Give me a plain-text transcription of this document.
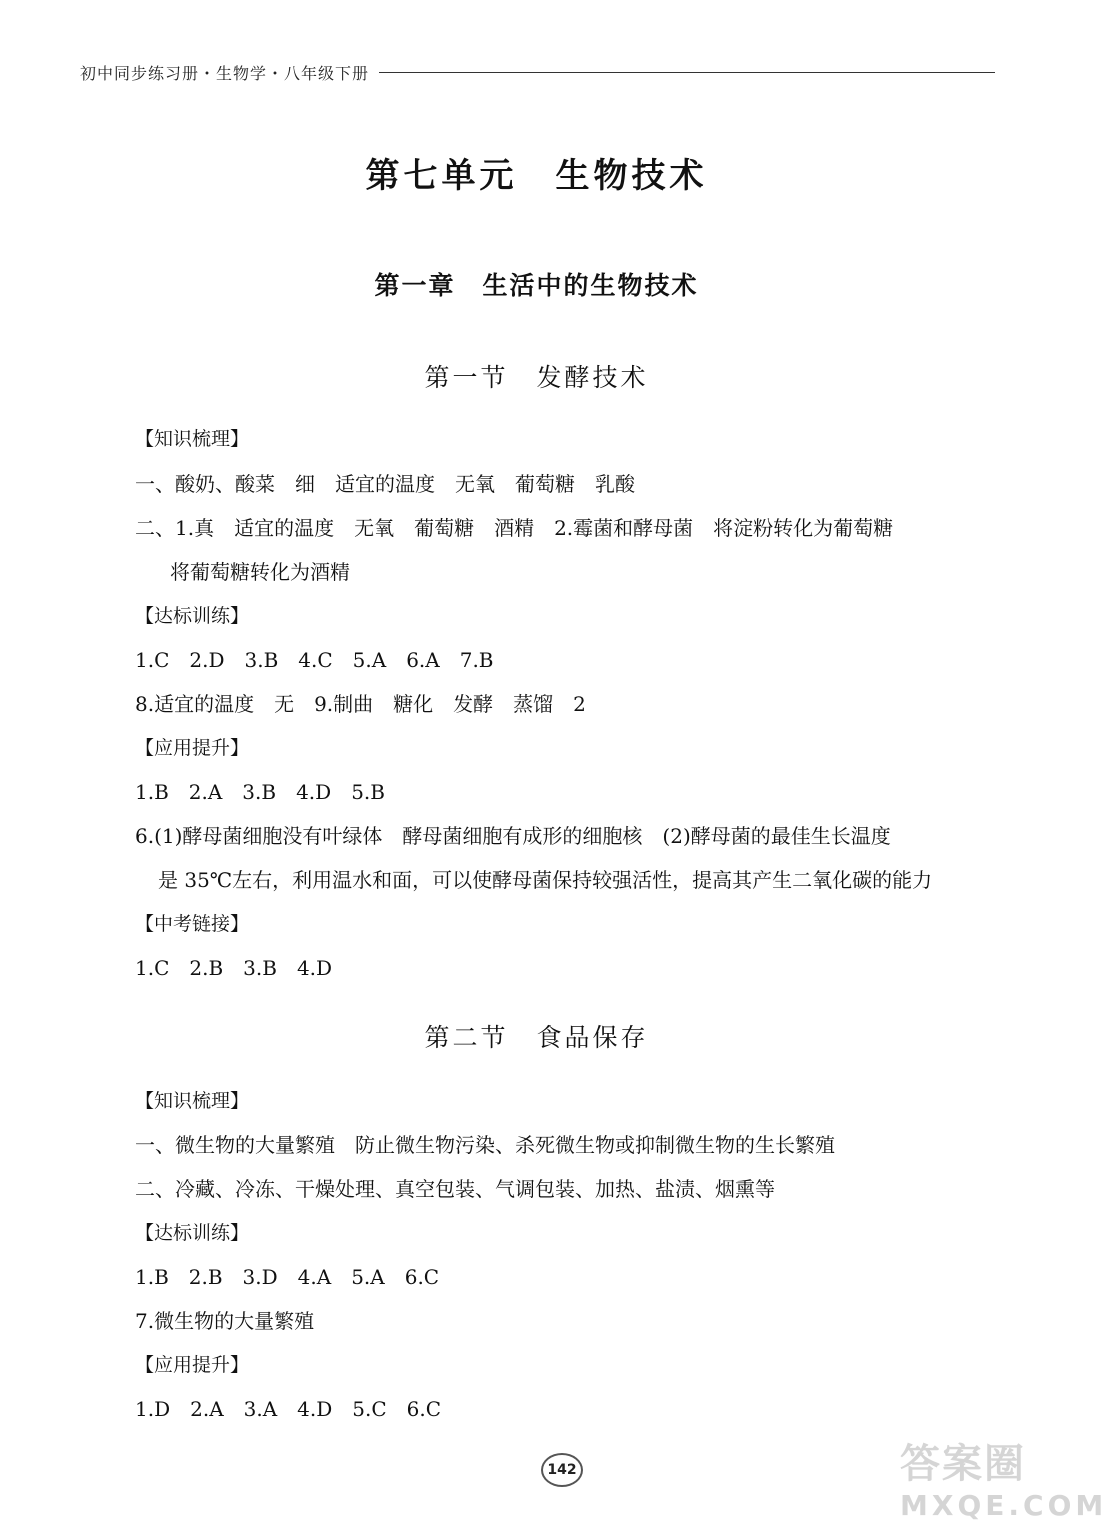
初中同步练习册・生物学・八年级下册
第七单元　生物技术
第一章　生活中的生物技术
第一节　发酵技术
【知识梳理】
一、酸奶、酸菜　细　适宜的温度　无氧　葡萄糖　乳酸
二、1.真　适宜的温度　无氧　葡萄糖　酒精　2.霉菌和酵母菌　将淀粉转化为葡萄糖
将葡萄糖转化为酒精
【达标训练】
1.C　2.D　3.B　4.C　5.A　6.A　7.B
8.适宜的温度　无　9.制曲　糖化　发酵　蒸馏　2
【应用提升】
1.B　2.A　3.B　4.D　5.B
6.(1)酵母菌细胞没有叶绿体　酵母菌细胞有成形的细胞核　(2)酵母菌的最佳生长温度
是 35℃左右，利用温水和面，可以使酵母菌保持较强活性，提高其产生二氧化碳的能力
【中考链接】
1.C　2.B　3.B　4.D
第二节　食品保存
【知识梳理】
一、微生物的大量繁殖　防止微生物污染、杀死微生物或抑制微生物的生长繁殖
二、冷藏、冷冻、干燥处理、真空包装、气调包装、加热、盐渍、烟熏等
【达标训练】
1.B　2.B　3.D　4.A　5.A　6.C
7.微生物的大量繁殖
【应用提升】
1.D　2.A　3.A　4.D　5.C　6.C
142	答案圈
MXQE.COM
